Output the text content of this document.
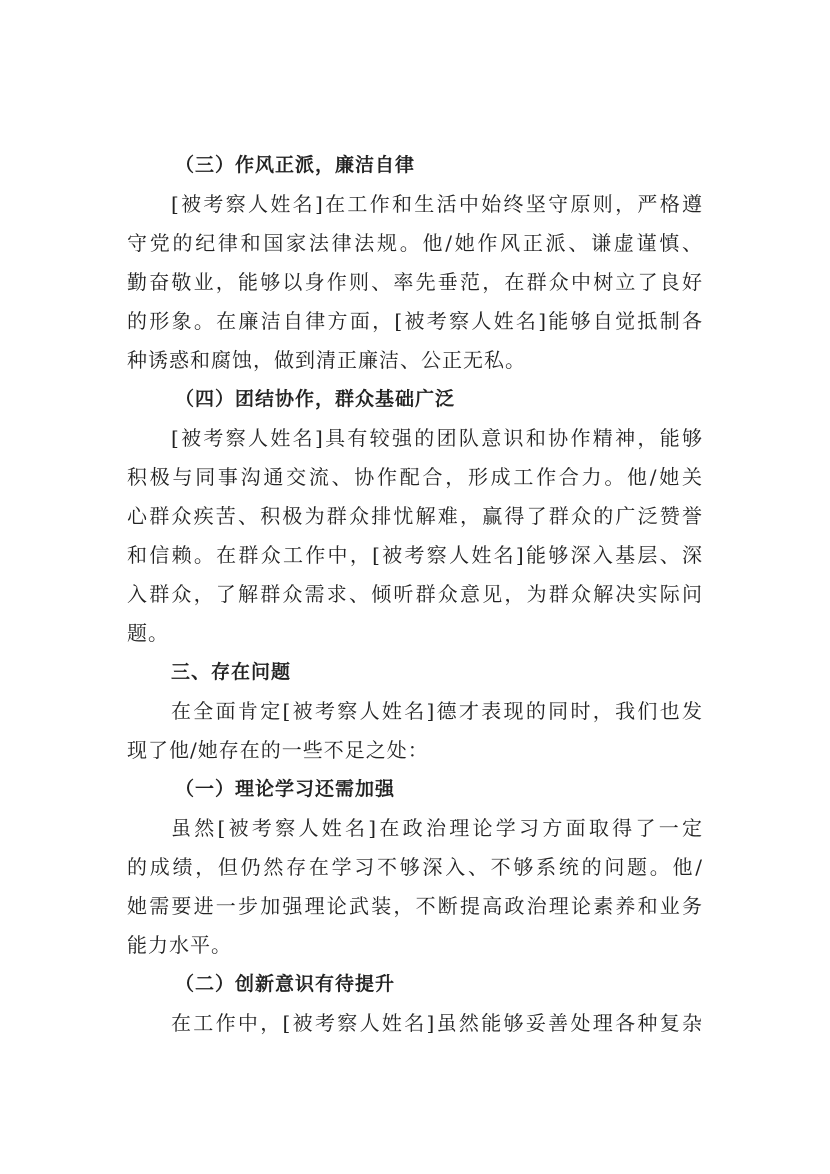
（三）作风正派，廉洁自律
[被考察人姓名]在工作和生活中始终坚守原则，严格遵
守党的纪律和国家法律法规。他/她作风正派、谦虚谨慎、
勤奋敬业，能够以身作则、率先垂范，在群众中树立了良好
的形象。在廉洁自律方面，[被考察人姓名]能够自觉抵制各
种诱惑和腐蚀，做到清正廉洁、公正无私。
（四）团结协作，群众基础广泛
[被考察人姓名]具有较强的团队意识和协作精神，能够
积极与同事沟通交流、协作配合，形成工作合力。他/她关
心群众疾苦、积极为群众排忧解难，赢得了群众的广泛赞誉
和信赖。在群众工作中，[被考察人姓名]能够深入基层、深
入群众，了解群众需求、倾听群众意见，为群众解决实际问
题。
三、存在问题
在全面肯定[被考察人姓名]德才表现的同时，我们也发
现了他/她存在的一些不足之处：
（一）理论学习还需加强
虽然[被考察人姓名]在政治理论学习方面取得了一定
的成绩，但仍然存在学习不够深入、不够系统的问题。他/
她需要进一步加强理论武装，不断提高政治理论素养和业务
能力水平。
（二）创新意识有待提升
在工作中，[被考察人姓名]虽然能够妥善处理各种复杂
